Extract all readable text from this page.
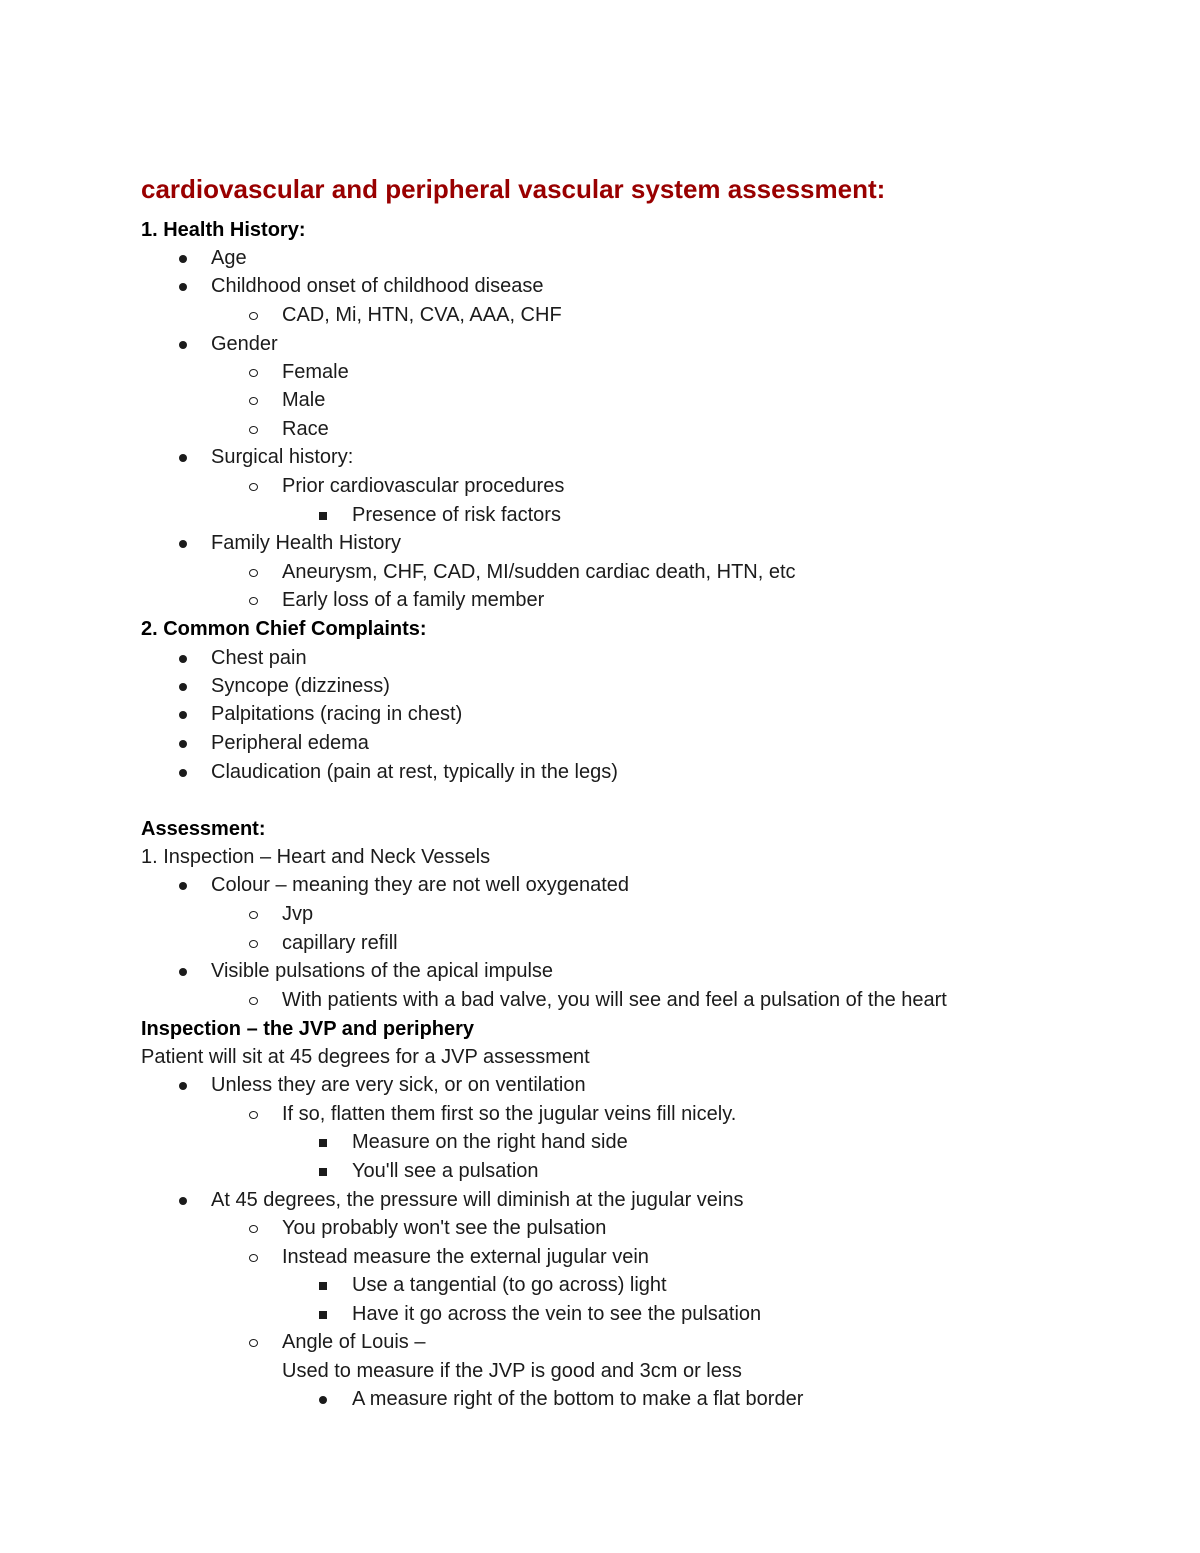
cardiovascular and peripheral vascular system assessment:
1. Health History:
Age
Childhood onset of childhood disease
CAD, Mi, HTN, CVA, AAA, CHF
Gender
Female
Male
Race
Surgical history:
Prior cardiovascular procedures
Presence of risk factors
Family Health History
Aneurysm, CHF, CAD, MI/sudden cardiac death, HTN, etc
Early loss of a family member
2. Common Chief Complaints:
Chest pain
Syncope (dizziness)
Palpitations (racing in chest)
Peripheral edema
Claudication (pain at rest, typically in the legs)
Assessment:
1. Inspection – Heart and Neck Vessels
Colour – meaning they are not well oxygenated
Jvp
capillary refill
Visible pulsations of the apical impulse
With patients with a bad valve, you will see and feel a pulsation of the heart
Inspection – the JVP and periphery
Patient will sit at 45 degrees for a JVP assessment
Unless they are very sick, or on ventilation
If so, flatten them first so the jugular veins fill nicely.
Measure on the right hand side
You'll see a pulsation
At 45 degrees, the pressure will diminish at the jugular veins
You probably won't see the pulsation
Instead measure the external jugular vein
Use a tangential (to go across) light
Have it go across the vein to see the pulsation
Angle of Louis –
Used to measure if the JVP is good and 3cm or less
A measure right of the bottom to make a flat border
